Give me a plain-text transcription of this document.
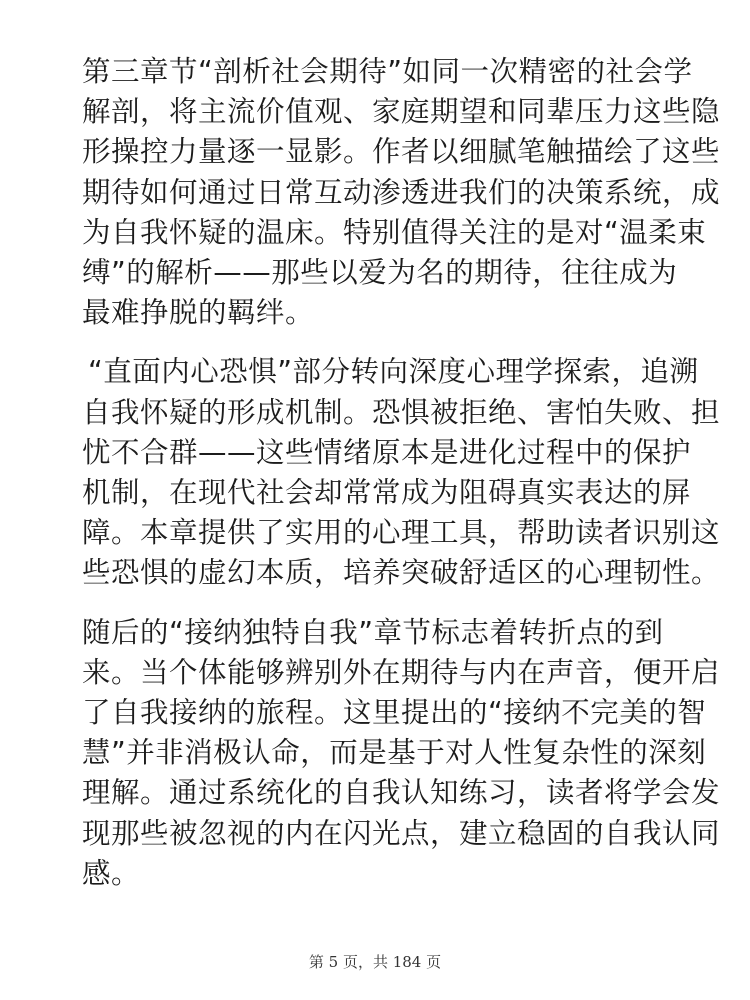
第三章节“剖析社会期待”如同一次精密的社会学
解剖，将主流价值观、家庭期望和同辈压力这些隐
形操控力量逐一显影。作者以细腻笔触描绘了这些
期待如何通过日常互动渗透进我们的决策系统，成
为自我怀疑的温床。特别值得关注的是对“温柔束
缚”的解析——那些以爱为名的期待，往往成为
最难挣脱的羁绊。

“直面内心恐惧”部分转向深度心理学探索，追溯
自我怀疑的形成机制。恐惧被拒绝、害怕失败、担
忧不合群——这些情绪原本是进化过程中的保护
机制，在现代社会却常常成为阻碍真实表达的屏
障。本章提供了实用的心理工具，帮助读者识别这
些恐惧的虚幻本质，培养突破舒适区的心理韧性。

随后的“接纳独特自我”章节标志着转折点的到
来。当个体能够辨别外在期待与内在声音，便开启
了自我接纳的旅程。这里提出的“接纳不完美的智
慧”并非消极认命，而是基于对人性复杂性的深刻
理解。通过系统化的自我认知练习，读者将学会发
现那些被忽视的内在闪光点，建立稳固的自我认同
感。

第 5 页，共 184 页
